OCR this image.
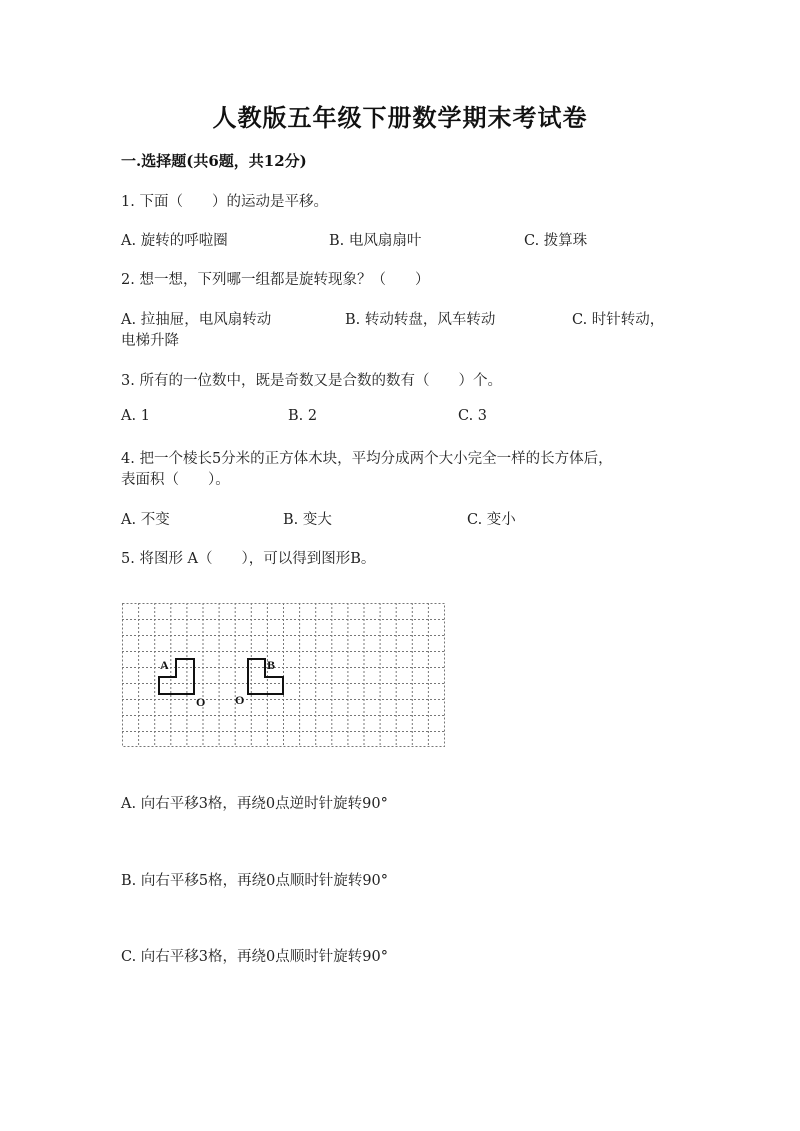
人教版五年级下册数学期末考试卷
一.选择题(共6题，共12分)
1. 下面（　　）的运动是平移。
A. 旋转的呼啦圈	B. 电风扇扇叶	C. 拨算珠
2. 想一想，下列哪一组都是旋转现象？（　　）
A. 拉抽屉，电风扇转动	B. 转动转盘，风车转动	C. 时针转动，
电梯升降
3. 所有的一位数中，既是奇数又是合数的数有（　　）个。
A. 1	B. 2	C. 3
4. 把一个棱长5分米的正方体木块，平均分成两个大小完全一样的长方体后，
表面积（　　）。
A. 不变	B. 变大	C. 变小
5. 将图形 A（　　），可以得到图形B。
A	B
O O
A. 向右平移3格，再绕0点逆时针旋转90°
B. 向右平移5格，再绕0点顺时针旋转90°
C. 向右平移3格，再绕0点顺时针旋转90°
